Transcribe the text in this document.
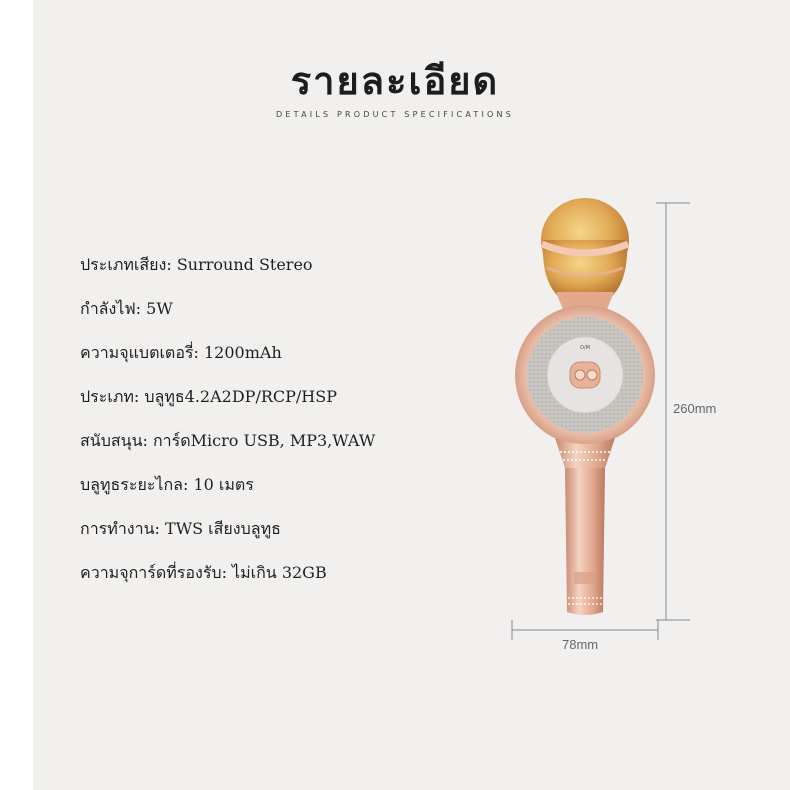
รายละเอียด
DETAILS PRODUCT SPECIFICATIONS
ประเภทเสียง: Surround Stereo
กำลังไฟ: 5W
ความจุแบตเตอรี่: 1200mAh
ประเภท: บลูทูธ4.2A2DP/RCP/HSP
สนับสนุน: การ์ดMicro USB, MP3,WAW
บลูทูธระยะไกล: 10 เมตร
การทำงาน: TWS เสียงบลูทูธ
ความจุการ์ดที่รองรับ: ไม่เกิน 32GB
O/M
260mm
78mm
